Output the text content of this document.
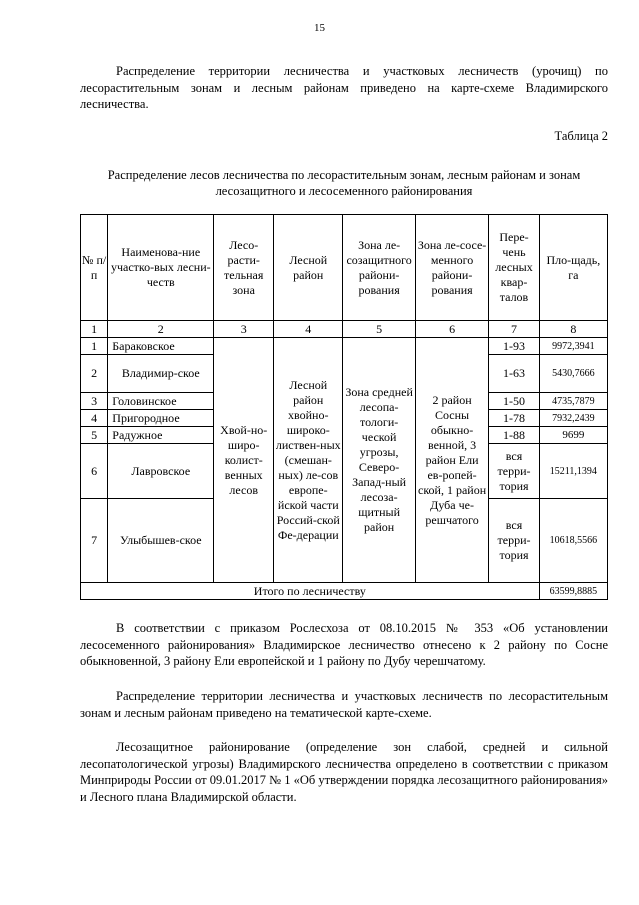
15

Распределение территории лесничества и участковых лесничеств (урочищ) по лесорастительным зонам и лесным районам приведено на карте-схеме Владимирского лесничества.

Таблица 2

Распределение лесов лесничества по лесорастительным зонам, лесным районам и зонам лесозащитного и лесосеменного районирования

№ п/п	Наименова-ние участко-вых лесни-честв	Лесо-расти-тельная зона	Лесной район	Зона ле-созащитного райони-рования	Зона ле-сосе-менного райони-рования	Пере-чень лесных квар-талов	Пло-щадь, га
1	2	3	4	5	6	7	8
1	Бараковское	Хвой-но-широ-колист-венных лесов	Лесной район хвойно-широко-листвен-ных (смешан-ных) ле-сов европе-йской части Россий-ской Фе-дерации	Зона средней лесопа-тологи-ческой угрозы, Северо-Запад-ный лесоза-щитный район	2 район Сосны обыкно-венной, 3 район Ели ев-ропей-ской, 1 район Дуба че-решчатого	1-93	9972,3941
2	Владимир-ское					1-63	5430,7666
3	Головинское					1-50	4735,7879
4	Пригородное					1-78	7932,2439
5	Радужное					1-88	9699
6	Лавровское					вся терри-тория	15211,1394
7	Улыбышев-ское					вся терри-тория	10618,5566
Итого по лесничеству							63599,8885

В соответствии с приказом Рослесхоза от 08.10.2015 № 353 «Об установлении лесосеменного районирования» Владимирское лесничество отнесено к 2 району по Сосне обыкновенной, 3 району Ели европейской и 1 району по Дубу черешчатому.

Распределение территории лесничества и участковых лесничеств по лесорастительным зонам и лесным районам приведено на тематической карте-схеме.

Лесозащитное районирование (определение зон слабой, средней и сильной лесопатологической угрозы) Владимирского лесничества определено в соответствии с приказом Минприроды России от 09.01.2017 № 1 «Об утверждении порядка лесозащитного районирования» и Лесного плана Владимирской области.
